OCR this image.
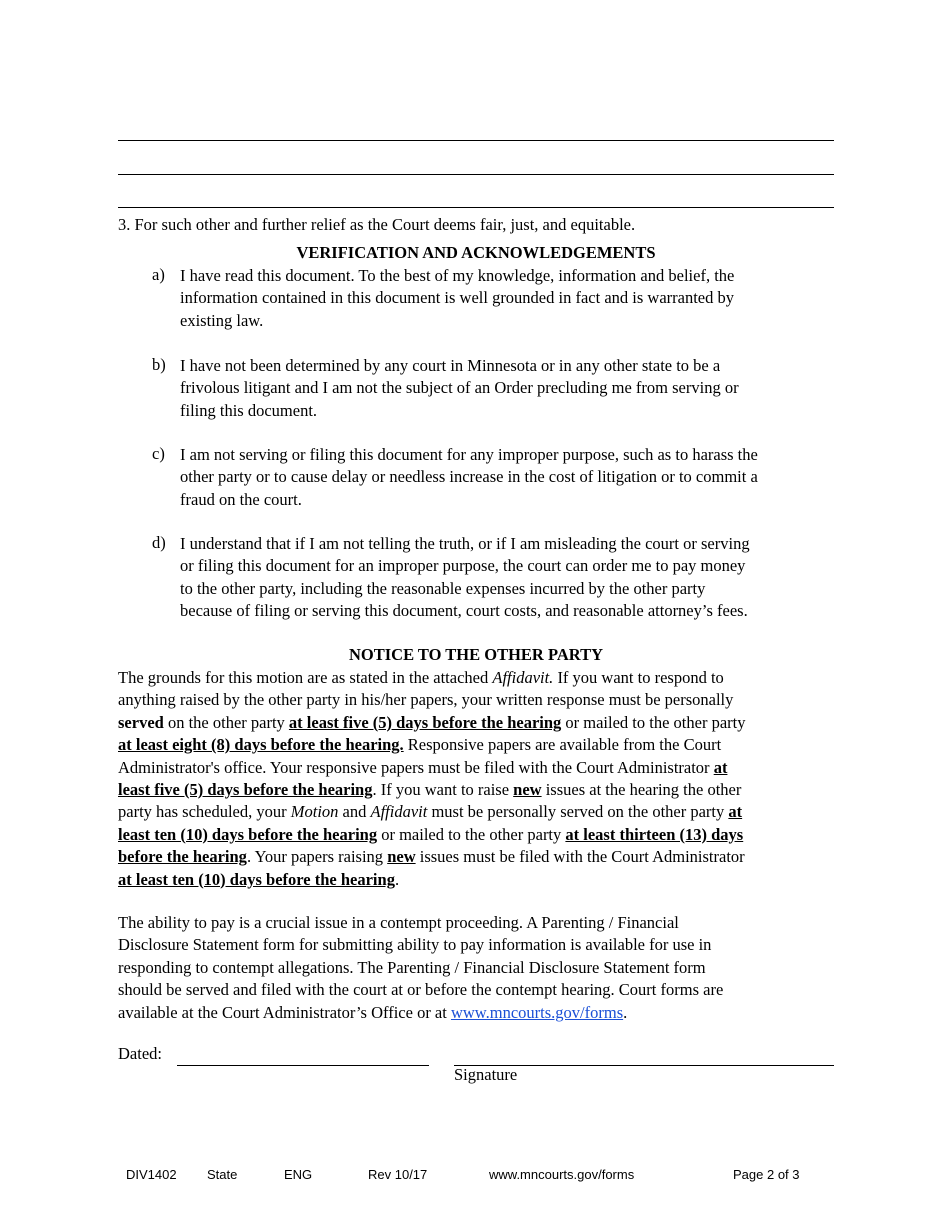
3. For such other and further relief as the Court deems fair, just, and equitable.
VERIFICATION AND ACKNOWLEDGEMENTS
a) I have read this document. To the best of my knowledge, information and belief, the
information contained in this document is well grounded in fact and is warranted by
existing law.
b) I have not been determined by any court in Minnesota or in any other state to be a
frivolous litigant and I am not the subject of an Order precluding me from serving or
filing this document.
c) I am not serving or filing this document for any improper purpose, such as to harass the
other party or to cause delay or needless increase in the cost of litigation or to commit a
fraud on the court.
d) I understand that if I am not telling the truth, or if I am misleading the court or serving
or filing this document for an improper purpose, the court can order me to pay money
to the other party, including the reasonable expenses incurred by the other party
because of filing or serving this document, court costs, and reasonable attorney’s fees.
NOTICE TO THE OTHER PARTY
The grounds for this motion are as stated in the attached Affidavit. If you want to respond to
anything raised by the other party in his/her papers, your written response must be personally
served on the other party at least five (5) days before the hearing or mailed to the other party
at least eight (8) days before the hearing. Responsive papers are available from the Court
Administrator's office. Your responsive papers must be filed with the Court Administrator at
least five (5) days before the hearing. If you want to raise new issues at the hearing the other
party has scheduled, your Motion and Affidavit must be personally served on the other party at
least ten (10) days before the hearing or mailed to the other party at least thirteen (13) days
before the hearing. Your papers raising new issues must be filed with the Court Administrator
at least ten (10) days before the hearing.
The ability to pay is a crucial issue in a contempt proceeding. A Parenting / Financial
Disclosure Statement form for submitting ability to pay information is available for use in
responding to contempt allegations. The Parenting / Financial Disclosure Statement form
should be served and filed with the court at or before the contempt hearing. Court forms are
available at the Court Administrator’s Office or at www.mncourts.gov/forms.
Dated:
Signature
DIV1402 State	ENG	Rev 10/17	www.mncourts.gov/forms	Page 2 of 3
